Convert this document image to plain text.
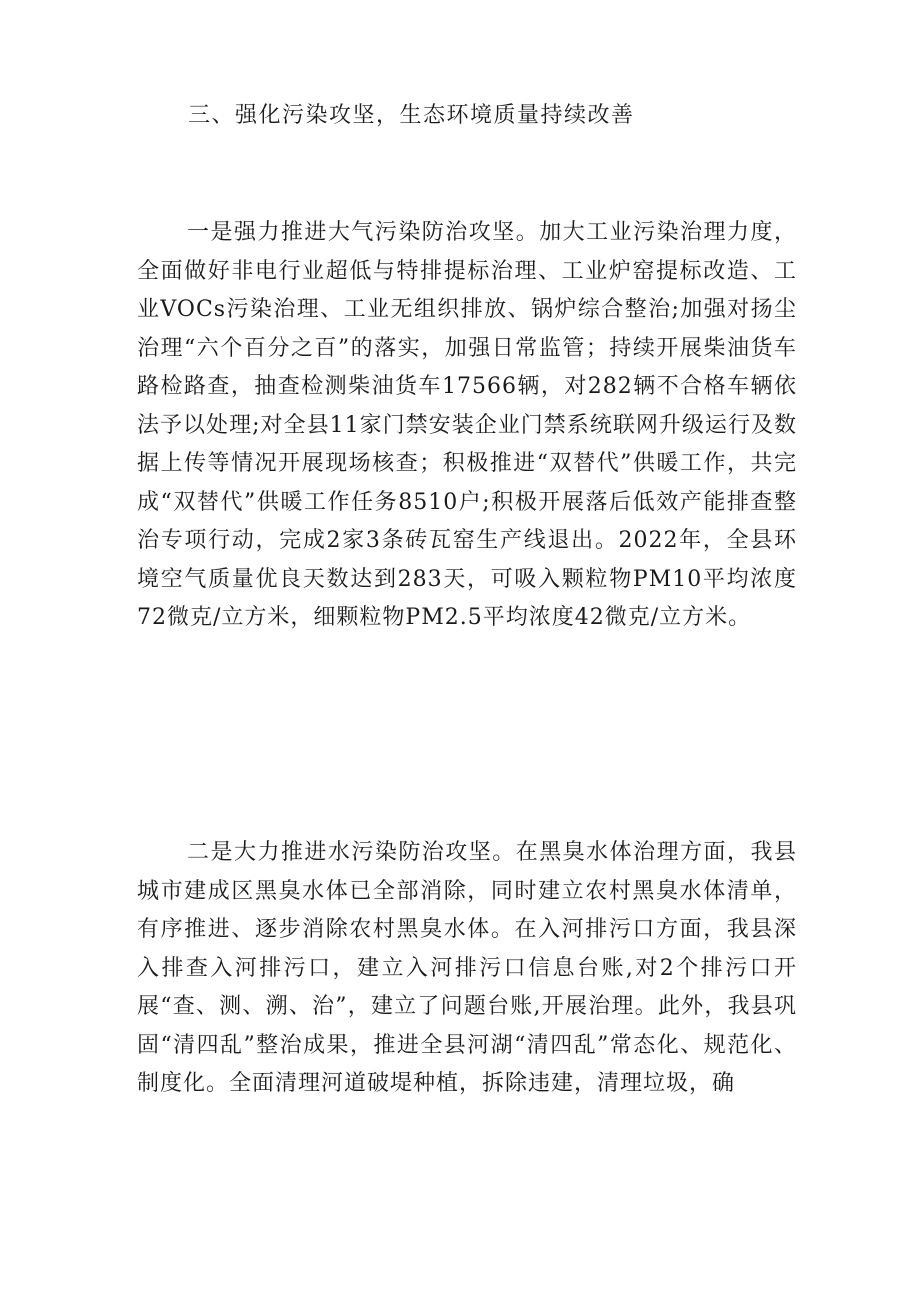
三、强化污染攻坚，生态环境质量持续改善

一是强力推进大气污染防治攻坚。加大工业污染治理力度，全面做好非电行业超低与特排提标治理、工业炉窑提标改造、工业VOCs污染治理、工业无组织排放、锅炉综合整治;加强对扬尘治理“六个百分之百”的落实，加强日常监管；持续开展柴油货车路检路查，抽查检测柴油货车17566辆，对282辆不合格车辆依法予以处理;对全县11家门禁安装企业门禁系统联网升级运行及数据上传等情况开展现场核查；积极推进“双替代”供暖工作，共完成“双替代”供暖工作任务8510户;积极开展落后低效产能排查整治专项行动，完成2家3条砖瓦窑生产线退出。2022年，全县环境空气质量优良天数达到283天，可吸入颗粒物PM10平均浓度72微克/立方米，细颗粒物PM2.5平均浓度42微克/立方米。

二是大力推进水污染防治攻坚。在黑臭水体治理方面，我县城市建成区黑臭水体已全部消除，同时建立农村黑臭水体清单，有序推进、逐步消除农村黑臭水体。在入河排污口方面，我县深入排查入河排污口，建立入河排污口信息台账,对2个排污口开展“查、测、溯、治”，建立了问题台账,开展治理。此外，我县巩固“清四乱”整治成果，推进全县河湖“清四乱”常态化、规范化、制度化。全面清理河道破堤种植，拆除违建，清理垃圾，确
